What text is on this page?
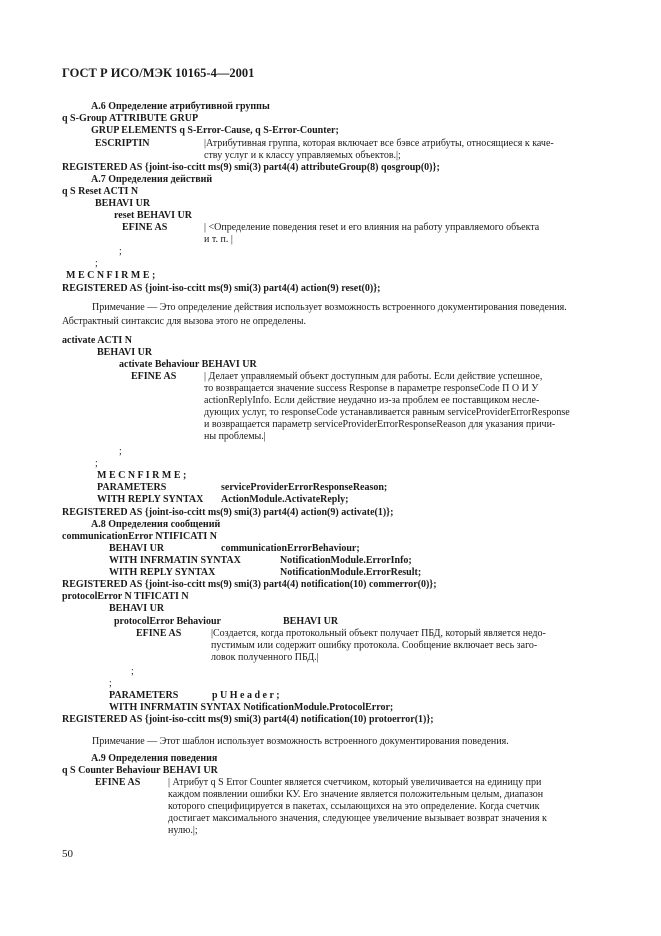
ГОСТ Р ИСО/МЭК 10165-4—2001
A.6 Определение атрибутивной группы
q S-Group ATTRIBUTE GRUP
GRUP ELEMENTS q S-Error-Cause, q S-Error-Counter;
ESCRIPTIN	|Атрибутивная группа, которая включает все бэвсе атрибуты, относящиеся к каче-
ству услуг и к классу управляемых объектов.|;
REGISTERED AS {joint-iso-ccitt ms(9) smi(3) part4(4) attributeGroup(8) qosgroup(0)};
A.7 Определения действий
q S Reset ACTI N
BEHAVI UR
reset BEHAVI UR
EFINE AS	| <Определение поведения reset и его влияния на работу управляемого объекта
и т. п. |
;
;
M E C N F I R M E ;
REGISTERED AS {joint-iso-ccitt ms(9) smi(3) part4(4) action(9) reset(0)};
activate ACTI N
BEHAVI UR
activate Behaviour BEHAVI UR
EFINE AS	| Делает управляемый объект доступным для работы. Если действие успешное,
то возвращается значение success Response в параметре responseCode П О И У
actionReplyInfo. Если действие неудачно из-за проблем ее поставщиком несле-
дующих услуг, то responseCode устанавливается равным serviceProviderErrorResponse
и возвращается параметр serviceProviderErrorResponseReason для указания причи-
ны проблемы.|
;
;
M E C N F I R M E ;
PARAMETERS	serviceProviderErrorResponseReason;
WITH REPLY SYNTAX ActionModule.ActivateReply;
REGISTERED AS {joint-iso-ccitt ms(9) smi(3) part4(4) action(9) activate(1)};
A.8 Определения сообщений
communicationError NTIFICATI N
BEHAVI UR	communicationErrorBehaviour;
WITH INFRMATIN SYNTAX	NotificationModule.ErrorInfo;
WITH REPLY SYNTAX	NotificationModule.ErrorResult;
REGISTERED AS {joint-iso-ccitt ms(9) smi(3) part4(4) notification(10) commerror(0)};
protocolError N TIFICATI N
BEHAVI UR
protocolError Behaviour	BEHAVI UR
EFINE AS	|Создается, когда протокольный объект получает ПБД, который является недо-
пустимым или содержит ошибку протокола. Сообщение включает весь заго-
ловок полученного ПБД.|
;
;
PARAMETERS	p U H e a d e r ;
WITH INFRMATIN SYNTAX NotificationModule.ProtocolError;
REGISTERED AS {joint-iso-ccitt ms(9) smi(3) part4(4) notification(10) protoerror(1)};
A.9 Определения поведения
q S Counter Behaviour BEHAVI UR
EFINE AS	| Атрибут q S Error Counter является счетчиком, который увеличивается на единицу при
каждом появлении ошибки КУ. Его значение является положительным целым, диапазон
которого специфицируется в пакетах, ссылающихся на это определение. Когда счетчик
достигает максимального значения, следующее увеличение вызывает возврат значения к
нулю.|;
Примечание — Это определение действия использует возможность встроенного документирования поведения. Абстрактный синтаксис для вызова этого не определены.
Примечание — Этот шаблон использует возможность встроенного документирования поведения.
50
